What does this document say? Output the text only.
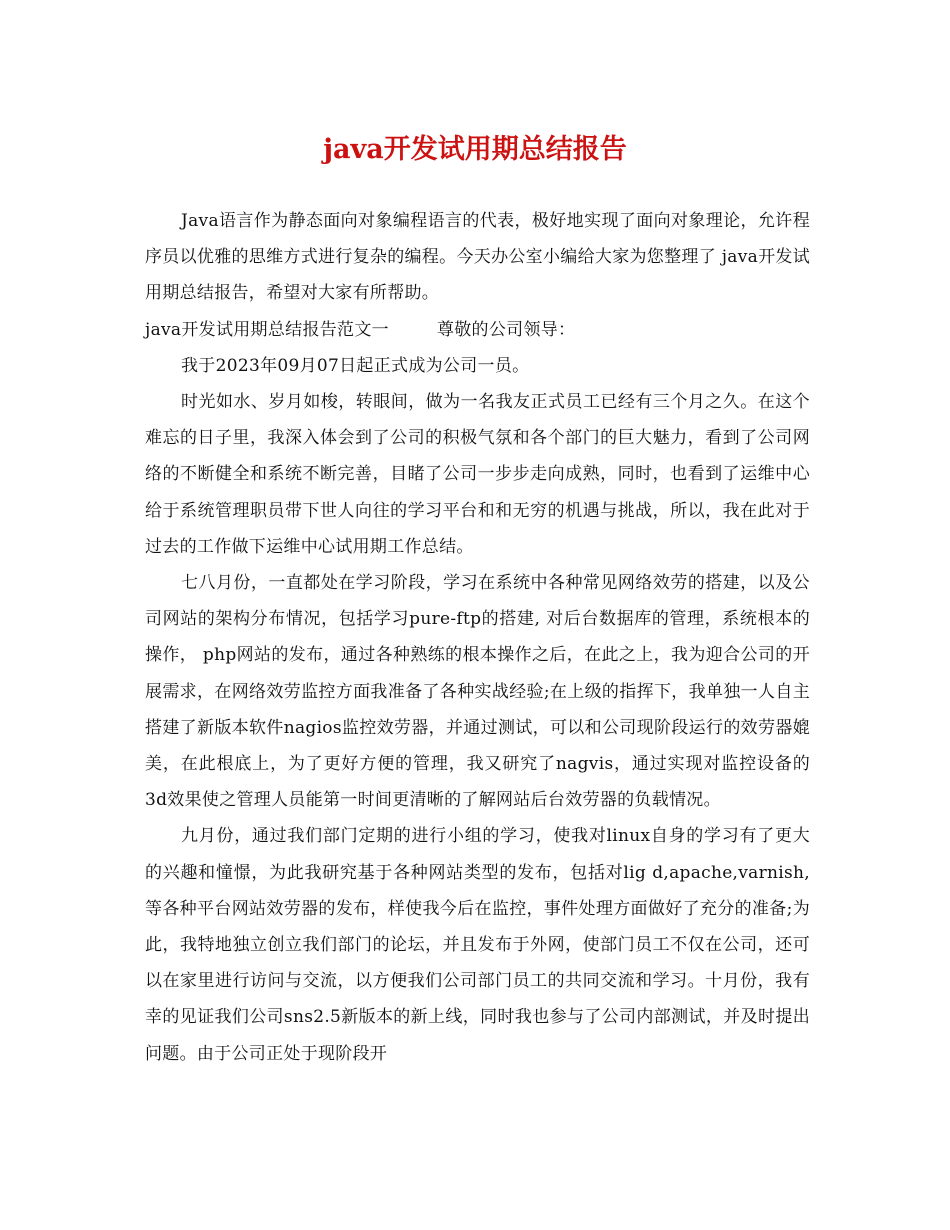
java开发试用期总结报告

Java语言作为静态面向对象编程语言的代表，极好地实现了面向对象理论，允许程序员以优雅的思维方式进行复杂的编程。今天办公室小编给大家为您整理了 java开发试用期总结报告，希望对大家有所帮助。

java开发试用期总结报告范文一	尊敬的公司领导：

我于2023年09月07日起正式成为公司一员。

时光如水、岁月如梭，转眼间，做为一名我友正式员工已经有三个月之久。在这个难忘的日子里，我深入体会到了公司的积极气氛和各个部门的巨大魅力，看到了公司网络的不断健全和系统不断完善，目睹了公司一步步走向成熟，同时，也看到了运维中心给于系统管理职员带下世人向往的学习平台和和无穷的机遇与挑战，所以，我在此对于过去的工作做下运维中心试用期工作总结。

七八月份，一直都处在学习阶段，学习在系统中各种常见网络效劳的搭建，以及公司网站的架构分布情况，包括学习pure-ftp的搭建, 对后台数据库的管理，系统根本的操作， php网站的发布，通过各种熟练的根本操作之后，在此之上，我为迎合公司的开展需求，在网络效劳监控方面我准备了各种实战经验;在上级的指挥下，我单独一人自主搭建了新版本软件nagios监控效劳器，并通过测试，可以和公司现阶段运行的效劳器媲美，在此根底上，为了更好方便的管理，我又研究了nagvis，通过实现对监控设备的3d效果使之管理人员能第一时间更清晰的了解网站后台效劳器的负载情况。

九月份，通过我们部门定期的进行小组的学习，使我对linux自身的学习有了更大的兴趣和憧憬，为此我研究基于各种网站类型的发布，包括对lig d,apache,varnish,等各种平台网站效劳器的发布，样使我今后在监控，事件处理方面做好了充分的准备;为此，我特地独立创立我们部门的论坛，并且发布于外网，使部门员工不仅在公司，还可以在家里进行访问与交流，以方便我们公司部门员工的共同交流和学习。十月份，我有幸的见证我们公司sns2.5新版本的新上线，同时我也参与了公司内部测试，并及时提出问题。由于公司正处于现阶段开
